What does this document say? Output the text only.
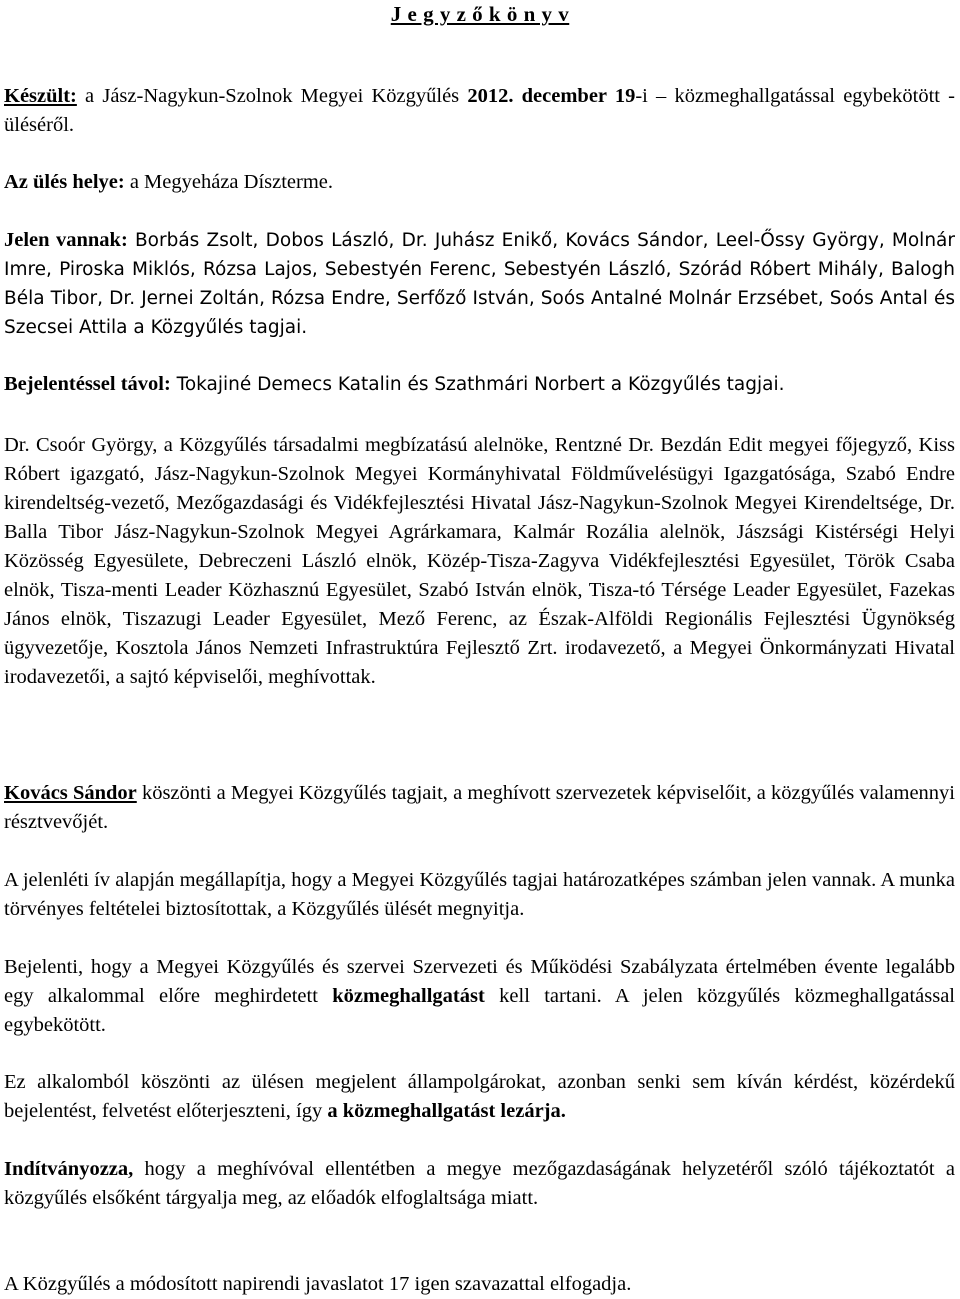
J e g y z ő k ö n y v

Készült: a Jász-Nagykun-Szolnok Megyei Közgyűlés 2012. december 19-i – közmeghallgatással egybekötött - üléséről.

Az ülés helye: a Megyeháza Díszterme.

Jelen vannak: Borbás Zsolt, Dobos László, Dr. Juhász Enikő, Kovács Sándor, Leel-Őssy György, Molnár Imre, Piroska Miklós, Rózsa Lajos, Sebestyén Ferenc, Sebestyén László, Szórád Róbert Mihály, Balogh Béla Tibor, Dr. Jernei Zoltán, Rózsa Endre, Serfőző István, Soós Antalné Molnár Erzsébet, Soós Antal és Szecsei Attila a Közgyűlés tagjai.

Bejelentéssel távol: Tokajiné Demecs Katalin és Szathmári Norbert a Közgyűlés tagjai.

Dr. Csoór György, a Közgyűlés társadalmi megbízatású alelnöke, Rentzné Dr. Bezdán Edit megyei főjegyző, Kiss Róbert igazgató, Jász-Nagykun-Szolnok Megyei Kormányhivatal Földművelésügyi Igazgatósága, Szabó Endre kirendeltség-vezető, Mezőgazdasági és Vidékfejlesztési Hivatal Jász-Nagykun-Szolnok Megyei Kirendeltsége, Dr. Balla Tibor Jász-Nagykun-Szolnok Megyei Agrárkamara, Kalmár Rozália alelnök, Jászsági Kistérségi Helyi Közösség Egyesülete, Debreczeni László elnök, Közép-Tisza-Zagyva Vidékfejlesztési Egyesület, Török Csaba elnök, Tisza-menti Leader Közhasznú Egyesület, Szabó István elnök, Tisza-tó Térsége Leader Egyesület, Fazekas János elnök, Tiszazugi Leader Egyesület, Mező Ferenc, az Észak-Alföldi Regionális Fejlesztési Ügynökség ügyvezetője, Kosztola János Nemzeti Infrastruktúra Fejlesztő Zrt. irodavezető, a Megyei Önkormányzati Hivatal irodavezetői, a sajtó képviselői, meghívottak.

Kovács Sándor köszönti a Megyei Közgyűlés tagjait, a meghívott szervezetek képviselőit, a közgyűlés valamennyi résztvevőjét.

A jelenléti ív alapján megállapítja, hogy a Megyei Közgyűlés tagjai határozatképes számban jelen vannak. A munka törvényes feltételei biztosítottak, a Közgyűlés ülését megnyitja.

Bejelenti, hogy a Megyei Közgyűlés és szervei Szervezeti és Működési Szabályzata értelmében évente legalább egy alkalommal előre meghirdetett közmeghallgatást kell tartani. A jelen közgyűlés közmeghallgatással egybekötött.

Ez alkalomból köszönti az ülésen megjelent állampolgárokat, azonban senki sem kíván kérdést, közérdekű bejelentést, felvetést előterjeszteni, így a közmeghallgatást lezárja.

Indítványozza, hogy a meghívóval ellentétben a megye mezőgazdaságának helyzetéről szóló tájékoztatót a közgyűlés elsőként tárgyalja meg, az előadók elfoglaltsága miatt.

A Közgyűlés a módosított napirendi javaslatot 17 igen szavazattal elfogadja.
